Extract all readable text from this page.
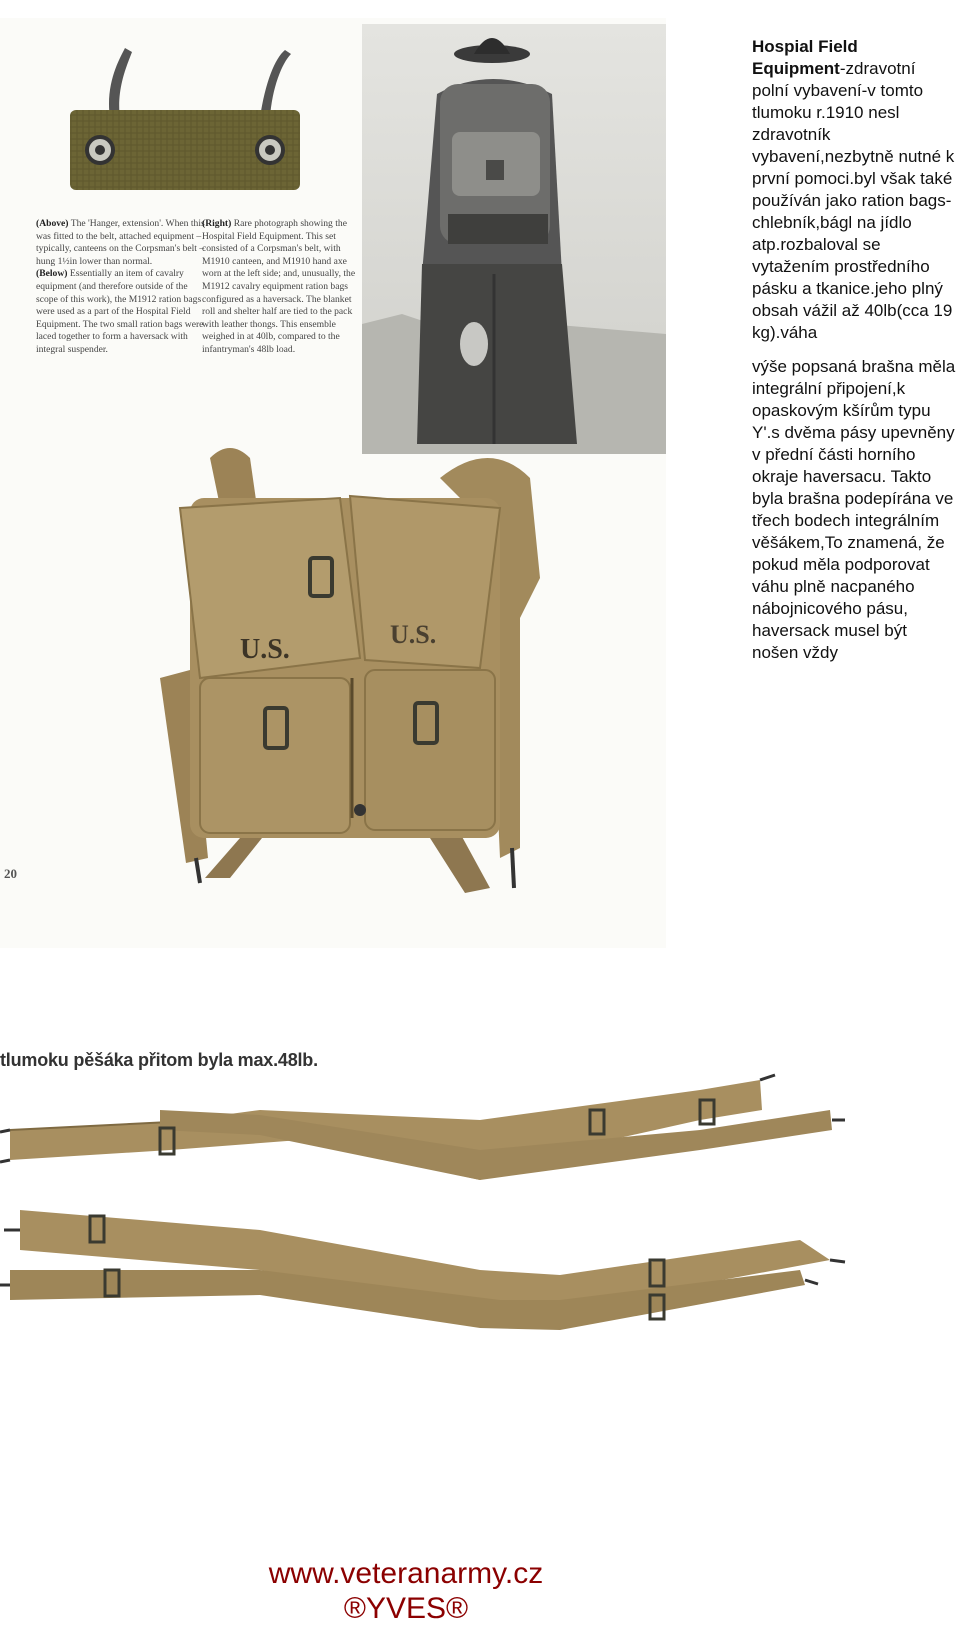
(Above) The 'Hanger, extension'. When this was fitted to the belt, attached equipment – typically, canteens on the Corpsman's belt – hung 1½in lower than normal.
(Below) Essentially an item of cavalry equipment (and therefore outside of the scope of this work), the M1912 ration bags were used as a part of the Hospital Field Equipment. The two small ration bags were laced together to form a haversack with integral suspender.
(Right) Rare photograph showing the Hospital Field Equipment. This set consisted of a Corpsman's belt, with M1910 canteen, and M1910 hand axe worn at the left side; and, unusually, the M1912 cavalry equipment ration bags configured as a haversack. The blanket roll and shelter half are tied to the pack with leather thongs. This ensemble weighed in at 40lb, compared to the infantryman's 48lb load.
U.S.	U.S.
20

Hospial Field Equipment-zdravotní polní vybavení-v tomto tlumoku r.1910 nesl zdravotník vybavení,nezbytně nutné k první pomoci.byl však také používán jako ration bags-chlebník,bágl na jídlo atp.rozbaloval se vytažením prostředního pásku a tkanice.jeho plný obsah vážil až 40lb(cca 19 kg).váha

výše popsaná brašna měla integrální připojení,k opaskovým kšírům typu Y'.s dvěma pásy upevněny v přední části horního okraje haversacu. Takto byla brašna podepírána ve třech bodech integrálním věšákem,To znamená, že pokud měla podporovat váhu plně nacpaného nábojnicového pásu, haversack musel být nošen vždy

tlumoku pěšáka přitom byla max.48lb.
www.veteranarmy.cz
®YVES®
